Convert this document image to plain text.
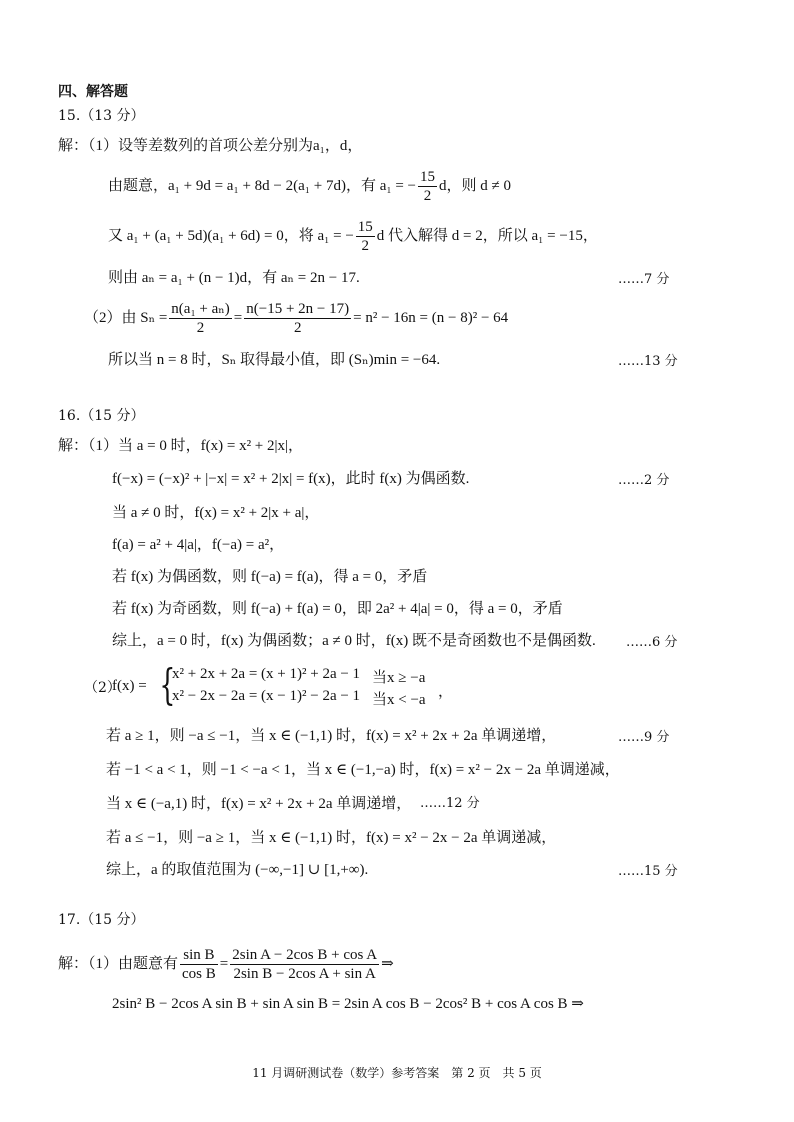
四、解答题
15.（13 分）
解：（1）设等差数列的首项公差分别为a₁，d，
由题意，a₁ + 9d = a₁ + 8d − 2(a₁ + 7d)，有 a₁ = − $\frac{15}{2}$ d，则 d ≠ 0
又 a₁ + (a₁ + 5d)(a₁ + 6d) = 0，将 a₁ = − $\frac{15}{2}$ d 代入解得 d = 2，所以 a₁ = −15，
则由 aₙ = a₁ + (n − 1)d，有 aₙ = 2n − 17.	……7 分
（2）由 $S_n = \frac{\text{n(a₁ + aₙ)}}{2} = \frac{n(-15 + 2n - 17)}{2} = n^2 - 16n = (n - 8)^2 - 64$
所以当 n = 8 时，Sₙ 取得最小值，即 (Sₙ)min = −64.	……13 分
16.（15 分）
解：（1）当 a = 0 时，f(x) = x² + 2|x|，
f(−x) = (−x)² + |−x| = x² + 2|x| = f(x)，此时 f(x) 为偶函数.	……2 分
当 a ≠ 0 时，f(x) = x² + 2|x + a|，
f(a) = a² + 4|a|，f(−a) = a²，
若 f(x) 为偶函数，则 f(−a) = f(a)，得 a = 0，矛盾
若 f(x) 为奇函数，则 f(−a) + f(a) = 0，即 2a² + 4|a| = 0，得 a = 0，矛盾
综上，a = 0 时，f(x) 为偶函数；a ≠ 0 时，f(x) 既不是奇函数也不是偶函数. ……6 分
（2）
f(x) = {
x² + 2x + 2a = (x + 1)² + 2a − 1 当x ≥ −a
x² − 2x − 2a = (x − 1)² − 2a − 1 当x < −a ，
若 a ≥ 1，则 −a ≤ −1，当 x ∈ (−1,1) 时，f(x) = x² + 2x + 2a 单调递增，	……9 分
若 −1 < a < 1，则 −1 < −a < 1，当 x ∈ (−1,−a) 时，f(x) = x² − 2x − 2a 单调递减，
当 x ∈ (−a,1) 时，f(x) = x² + 2x + 2a 单调递增， ……12 分
若 a ≤ −1，则 −a ≥ 1，当 x ∈ (−1,1) 时，f(x) = x² − 2x − 2a 单调递减，
综上，a 的取值范围为 (−∞,−1] ∪ [1,+∞).	……15 分
17.（15 分）
解：（1）由题意有 $\frac{\text{sin B}}{\text{cos B}} = \frac{\text{2sin A − 2cos B + cos A}}{\text{2sin B − 2cos A + sin A}}$ ⇒
2sin² B − 2cos A sin B + sin A sin B = 2sin A cos B − 2cos² B + cos A cos B ⇒
11 月调研测试卷（数学）参考答案　第 2 页　共 5 页
